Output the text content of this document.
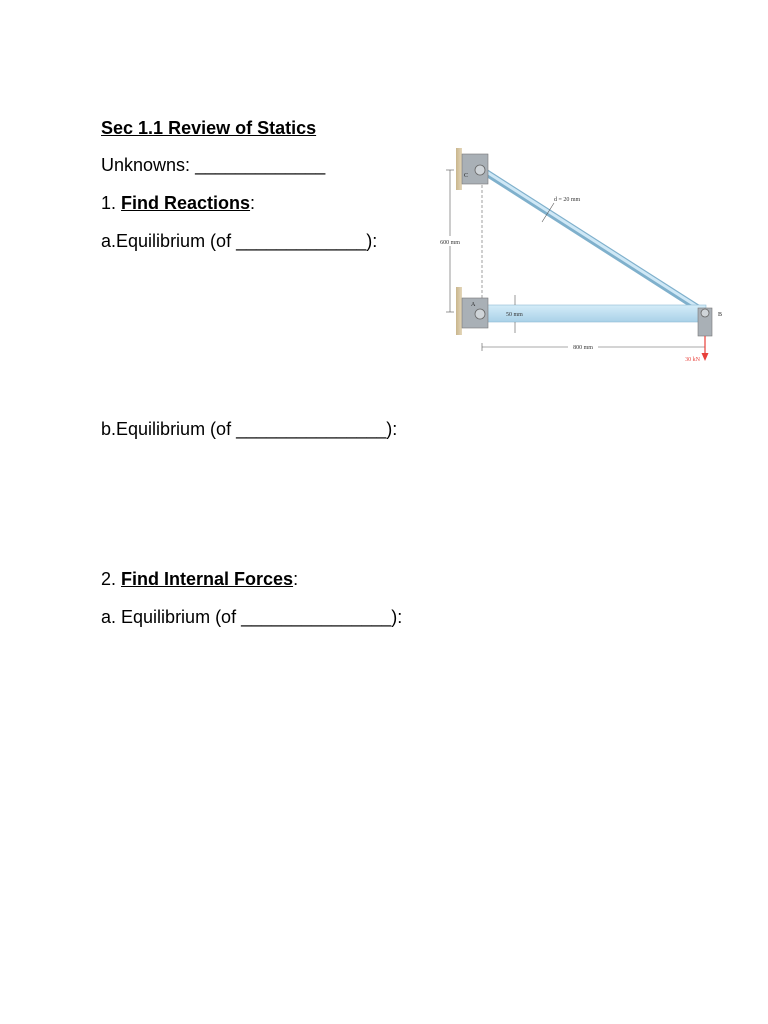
Sec 1.1 Review of Statics

Unknowns: _____________

1. Find Reactions:

a.Equilibrium (of _____________):

b.Equilibrium (of _______________):

2. Find Internal Forces:

a. Equilibrium (of _______________):

600 mm
d = 20 mm
50 mm
C
A
B
800 mm
30 kN
